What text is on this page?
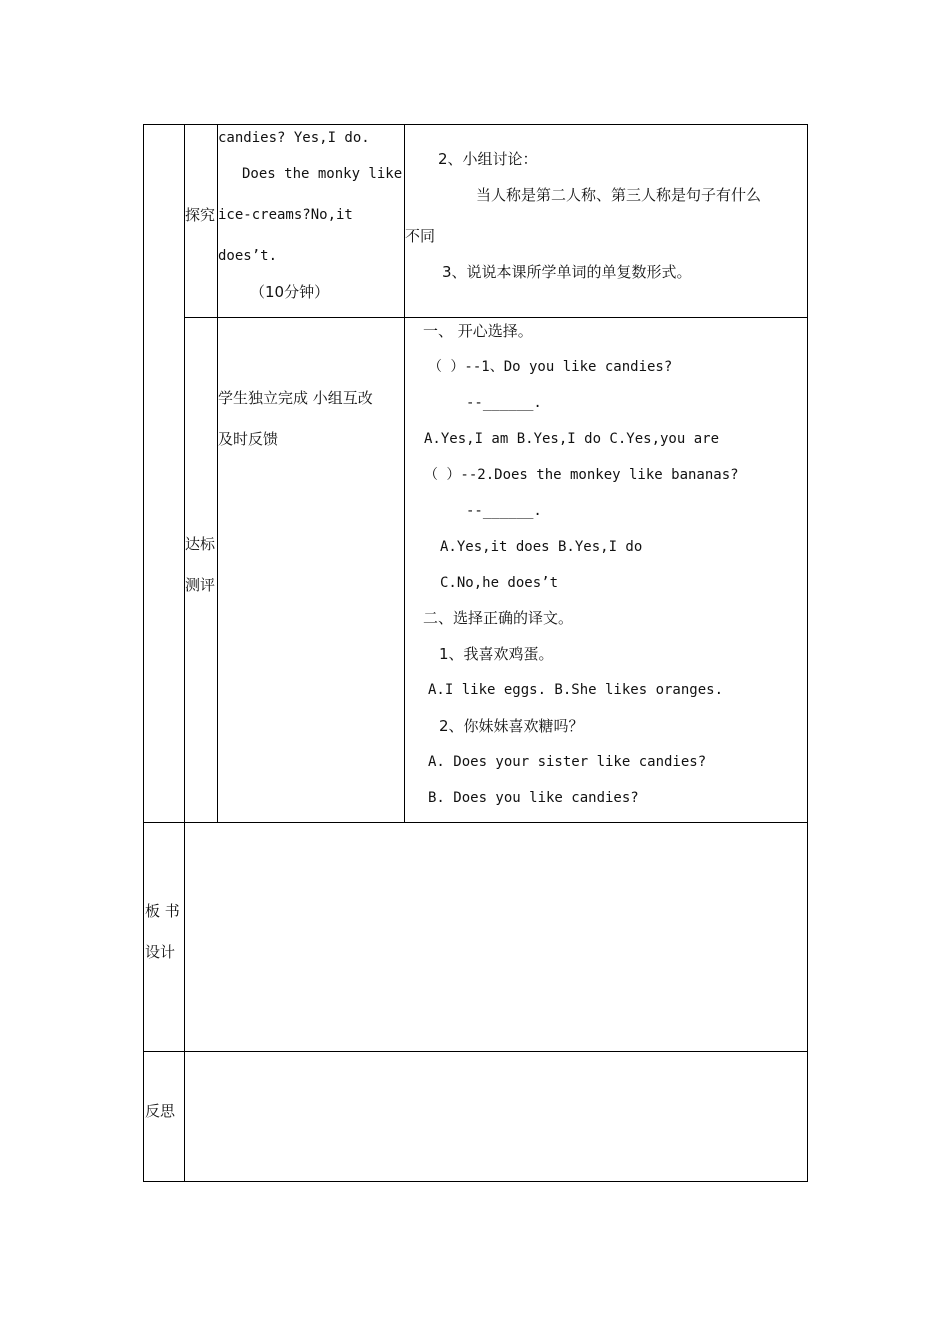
探究
candies? Yes,I do.
Does the monky like
ice-creams?No,it
does’t.
（10分钟）
2、小组讨论：
当人称是第二人称、第三人称是句子有什么
不同
3、说说本课所学单词的单复数形式。
达标
测评
学生独立完成 小组互改
及时反馈
一、 开心选择。
（ ）--1、Do you like candies?
--______.
A.Yes,I am B.Yes,I do C.Yes,you are
（ ）--2.Does the monkey like bananas?
--______.
A.Yes,it does B.Yes,I do
C.No,he does’t
二、选择正确的译文。
1、我喜欢鸡蛋。
A.I like eggs. B.She likes oranges.
2、你妹妹喜欢糖吗？
A. Does your sister like candies?
B. Does you like candies?
板 书
设计
反思
